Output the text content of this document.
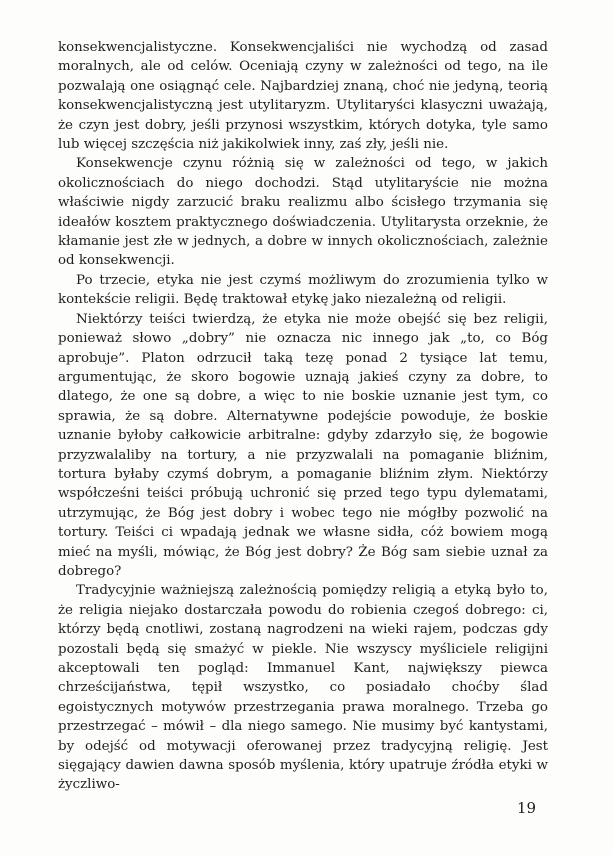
konsekwencjalistyczne. Konsekwencjaliści nie wychodzą od zasad moralnych, ale od celów. Oceniają czyny w zależności od tego, na ile pozwalają one osiągnąć cele. Najbardziej znaną, choć nie jedyną, teorią konsekwencjalistyczną jest utylitaryzm. Utylitaryści klasyczni uważają, że czyn jest dobry, jeśli przynosi wszystkim, których dotyka, tyle samo lub więcej szczęścia niż jakikolwiek inny, zaś zły, jeśli nie.

Konsekwencje czynu różnią się w zależności od tego, w jakich okolicznościach do niego dochodzi. Stąd utylitaryście nie można właściwie nigdy zarzucić braku realizmu albo ścisłego trzymania się ideałów kosztem praktycznego doświadczenia. Utylitarysta orzeknie, że kłamanie jest złe w jednych, a dobre w innych okolicznościach, zależnie od konsekwencji.

Po trzecie, etyka nie jest czymś możliwym do zrozumienia tylko w kontekście religii. Będę traktował etykę jako niezależną od religii.

Niektórzy teiści twierdzą, że etyka nie może obejść się bez religii, ponieważ słowo „dobry” nie oznacza nic innego jak „to, co Bóg aprobuje”. Platon odrzucił taką tezę ponad 2 tysiące lat temu, argumentując, że skoro bogowie uznają jakieś czyny za dobre, to dlatego, że one są dobre, a więc to nie boskie uznanie jest tym, co sprawia, że są dobre. Alternatywne podejście powoduje, że boskie uznanie byłoby całkowicie arbitralne: gdyby zdarzyło się, że bogowie przyzwalaliby na tortury, a nie przyzwalali na pomaganie bliźnim, tortura byłaby czymś dobrym, a pomaganie bliźnim złym. Niektórzy współcześni teiści próbują uchronić się przed tego typu dylematami, utrzymując, że Bóg jest dobry i wobec tego nie mógłby pozwolić na tortury. Teiści ci wpadają jednak we własne sidła, cóż bowiem mogą mieć na myśli, mówiąc, że Bóg jest dobry? Że Bóg sam siebie uznał za dobrego?

Tradycyjnie ważniejszą zależnością pomiędzy religią a etyką było to, że religia niejako dostarczała powodu do robienia czegoś dobrego: ci, którzy będą cnotliwi, zostaną nagrodzeni na wieki rajem, podczas gdy pozostali będą się smażyć w piekle. Nie wszyscy myśliciele religijni akceptowali ten pogląd: Immanuel Kant, największy piewca chrześcijaństwa, tępił wszystko, co posiadało choćby ślad egoistycznych motywów przestrzegania prawa moralnego. Trzeba go przestrzegać – mówił – dla niego samego. Nie musimy być kantystami, by odejść od motywacji oferowanej przez tradycyjną religię. Jest sięgający dawien dawna sposób myślenia, który upatruje źródła etyki w życzliwo-

19
